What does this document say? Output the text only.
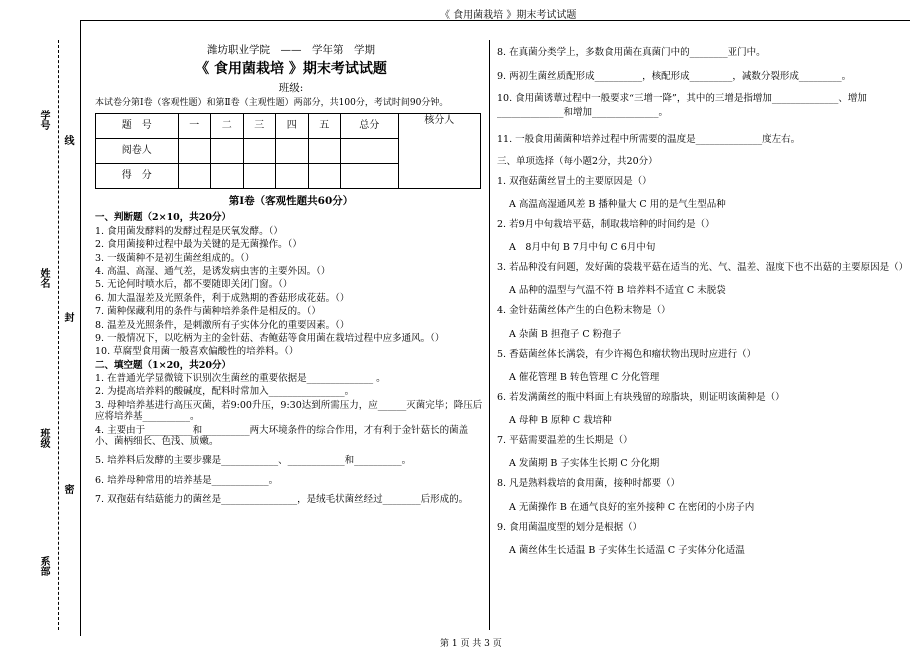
《 食用菌栽培 》期末考试试题
学号
线
姓名
封
班级
密
系部
潍坊职业学院　——　学年第　学期
《 食用菌栽培 》期末考试试题
班级:
本试卷分第Ⅰ卷（客观性题）和第Ⅱ卷（主观性题）两部分，共100分，考试时间90分钟。
题　号	一	二	三	四	五	总分	核分人
阅卷人							
得　分							
第Ⅰ卷（客观性题共60分）

一、判断题（2×10，共20分）

1. 食用菌发酵料的发酵过程是厌氧发酵。（）

2. 食用菌接种过程中最为关键的是无菌操作。（）

3. 一级菌种不是初生菌丝组成的。（）

4. 高温、高湿、通气差，是诱发病虫害的主要外因。（）

5. 无论何时喷水后，都不要随即关闭门窗。（）

6. 加大温湿差及光照条件，利于成熟期的香菇形成花菇。（）

7. 菌种保藏利用的条件与菌种培养条件是相反的。（）

8. 温差及光照条件，是刺激所有子实体分化的重要因素。（）

9. 一般情况下，以吃柄为主的金针菇、杏鲍菇等食用菌在栽培过程中应多通风。（）

10. 草腐型食用菌一般喜欢偏酸性的培养料。（）

二、填空题（1×20，共20分）

1. 在普通光学显微镜下识别次生菌丝的重要依据是______________ 。

2. 为提高培养料的酸碱度，配料时常加入________________。

3. 母种培养基进行高压灭菌，若9:00升压，9:30达到所需压力，应______灭菌完毕；降压后应将培养基__________。

4. 主要由于__________和__________两大环境条件的综合作用，才有利于金针菇长的菌盖小、菌柄细长、色浅、质嫩。

5. 培养料后发酵的主要步骤是____________、____________和__________。

6. 培养母种常用的培养基是____________。

7. 双孢菇有结菇能力的菌丝是________________，是绒毛状菌丝经过________后形成的。

8. 在真菌分类学上，多数食用菌在真菌门中的________亚门中。

9. 两初生菌丝质配形成__________，核配形成_________，减数分裂形成_________。

10. 食用菌诱蕈过程中一般要求“三增一降”，其中的三增是指增加______________、增加______________和增加______________。

11. 一般食用菌菌种培养过程中所需要的温度是______________度左右。

三、单项选择（每小题2分，共20分）

1. 双孢菇菌丝冒土的主要原因是（）

A 高温高湿通风差 B 播种量大 C 用的是气生型品种

2. 若9月中旬栽培平菇，制取栽培种的时间约是（）

A　8月中旬 B 7月中旬 C 6月中旬

3. 若品种没有问题，发好菌的袋栽平菇在适当的光、气、温差、湿度下也不出菇的主要原因是（）

A 品种的温型与气温不符 B 培养料不适宜 C 未脱袋

4. 金针菇菌丝体产生的白色粉末物是（）

A 杂菌 B 担孢子 C 粉孢子

5. 香菇菌丝体长满袋，有少许褐色和瘤状物出现时应进行（）

A 催花管理 B 转色管理 C 分化管理

6. 若发满菌丝的瓶中料面上有块残留的琼脂块，则证明该菌种是（）

A 母种 B 原种 C 栽培种

7. 平菇需要温差的生长期是（）

A 发菌期 B 子实体生长期 C 分化期

8. 凡是熟料栽培的食用菌，接种时都要（）

A 无菌操作 B 在通气良好的室外接种 C 在密闭的小房子内

9. 食用菌温度型的划分是根据（）

A 菌丝体生长适温 B 子实体生长适温 C 子实体分化适温

第 1 页 共 3 页
